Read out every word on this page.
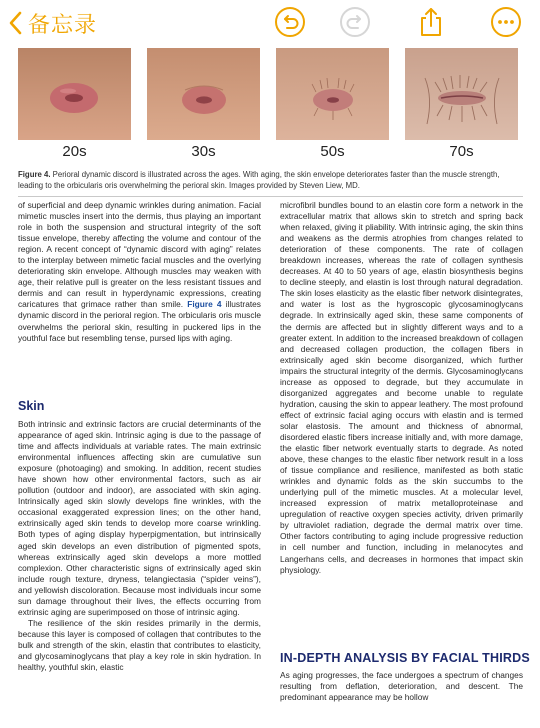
备忘录
20s	30s	50s	70s
Figure 4. Perioral dynamic discord is illustrated across the ages. With aging, the skin envelope deteriorates faster than the muscle strength, leading to the orbicularis oris overwhelming the perioral skin. Images provided by Steven Liew, MD.

of superficial and deep dynamic wrinkles during animation. Facial mimetic muscles insert into the dermis, thus playing an important role in both the suspension and structural integrity of the soft tissue envelope, thereby affecting the volume and contour of the region. A recent concept of “dynamic discord with aging” relates to the interplay between mimetic facial muscles and the overlying deteriorating skin envelope. Although muscles may weaken with age, their relative pull is greater on the less resistant tissues and dermis and can result in hyperdynamic expressions, creating caricatures that grimace rather than smile. Figure 4 illustrates dynamic discord in the perioral region. The orbicularis oris muscle overwhelms the perioral skin, resulting in puckered lips in the youthful face but resembling tense, pursed lips with aging.

Skin

Both intrinsic and extrinsic factors are crucial determinants of the appearance of aged skin. Intrinsic aging is due to the passage of time and affects individuals at variable rates. The main extrinsic environmental influences affecting skin are cumulative sun exposure (photoaging) and smoking. In addition, recent studies have shown how other environmental factors, such as air pollution (outdoor and indoor), are associated with skin aging. Intrinsically aged skin slowly develops fine wrinkles, with the occasional exaggerated expression lines; on the other hand, extrinsically aged skin tends to develop more coarse wrinkling. Both types of aging display hyperpigmentation, but intrinsically aged skin develops an even distribution of pigmented spots, whereas extrinsically aged skin develops a more mottled complexion. Other characteristic signs of extrinsically aged skin include rough texture, dryness, telangiectasia (“spider veins”), and yellowish discoloration. Because most individuals incur some sun damage throughout their lives, the effects occurring from extrinsic aging are superimposed on those of intrinsic aging.

The resilience of the skin resides primarily in the dermis, because this layer is composed of collagen that contributes to the bulk and strength of the skin, elastin that contributes to elasticity, and glycosaminoglycans that play a key role in skin hydration. In healthy, youthful skin, elastic

microfibril bundles bound to an elastin core form a network in the extracellular matrix that allows skin to stretch and spring back when relaxed, giving it pliability. With intrinsic aging, the skin thins and weakens as the dermis atrophies from changes related to deterioration of these components. The rate of collagen breakdown increases, whereas the rate of collagen synthesis decreases. At 40 to 50 years of age, elastin biosynthesis begins to decline steeply, and elastin is lost through natural degradation. The skin loses elasticity as the elastic fiber network disintegrates, and water is lost as the hygroscopic glycosaminoglycans degrade. In extrinsically aged skin, these same components of the dermis are affected but in slightly different ways and to a greater extent. In addition to the increased breakdown of collagen and decreased collagen production, the collagen fibers in extrinsically aged skin become disorganized, which further impairs the structural integrity of the dermis. Glycosaminoglycans increase as opposed to degrade, but they accumulate in disorganized aggregates and become unable to regulate hydration, causing the skin to appear leathery. The most profound effect of extrinsic facial aging occurs with elastin and is termed solar elastosis. The amount and thickness of abnormal, disordered elastic fibers increase initially and, with more damage, the elastic fiber network eventually starts to degrade. As noted above, these changes to the elastic fiber network result in a loss of tissue compliance and resilience, manifested as both static wrinkles and dynamic folds as the skin succumbs to the underlying pull of the mimetic muscles. At a molecular level, increased expression of matrix metalloproteinase and upregulation of reactive oxygen species activity, driven primarily by ultraviolet radiation, degrade the dermal matrix over time. Other factors contributing to aging include progressive reduction in cell number and function, including in melanocytes and Langerhans cells, and decreases in hormones that impact skin physiology.

IN-DEPTH ANALYSIS BY FACIAL THIRDS

As aging progresses, the face undergoes a spectrum of changes resulting from deflation, deterioration, and descent. The predominant appearance may be hollow
